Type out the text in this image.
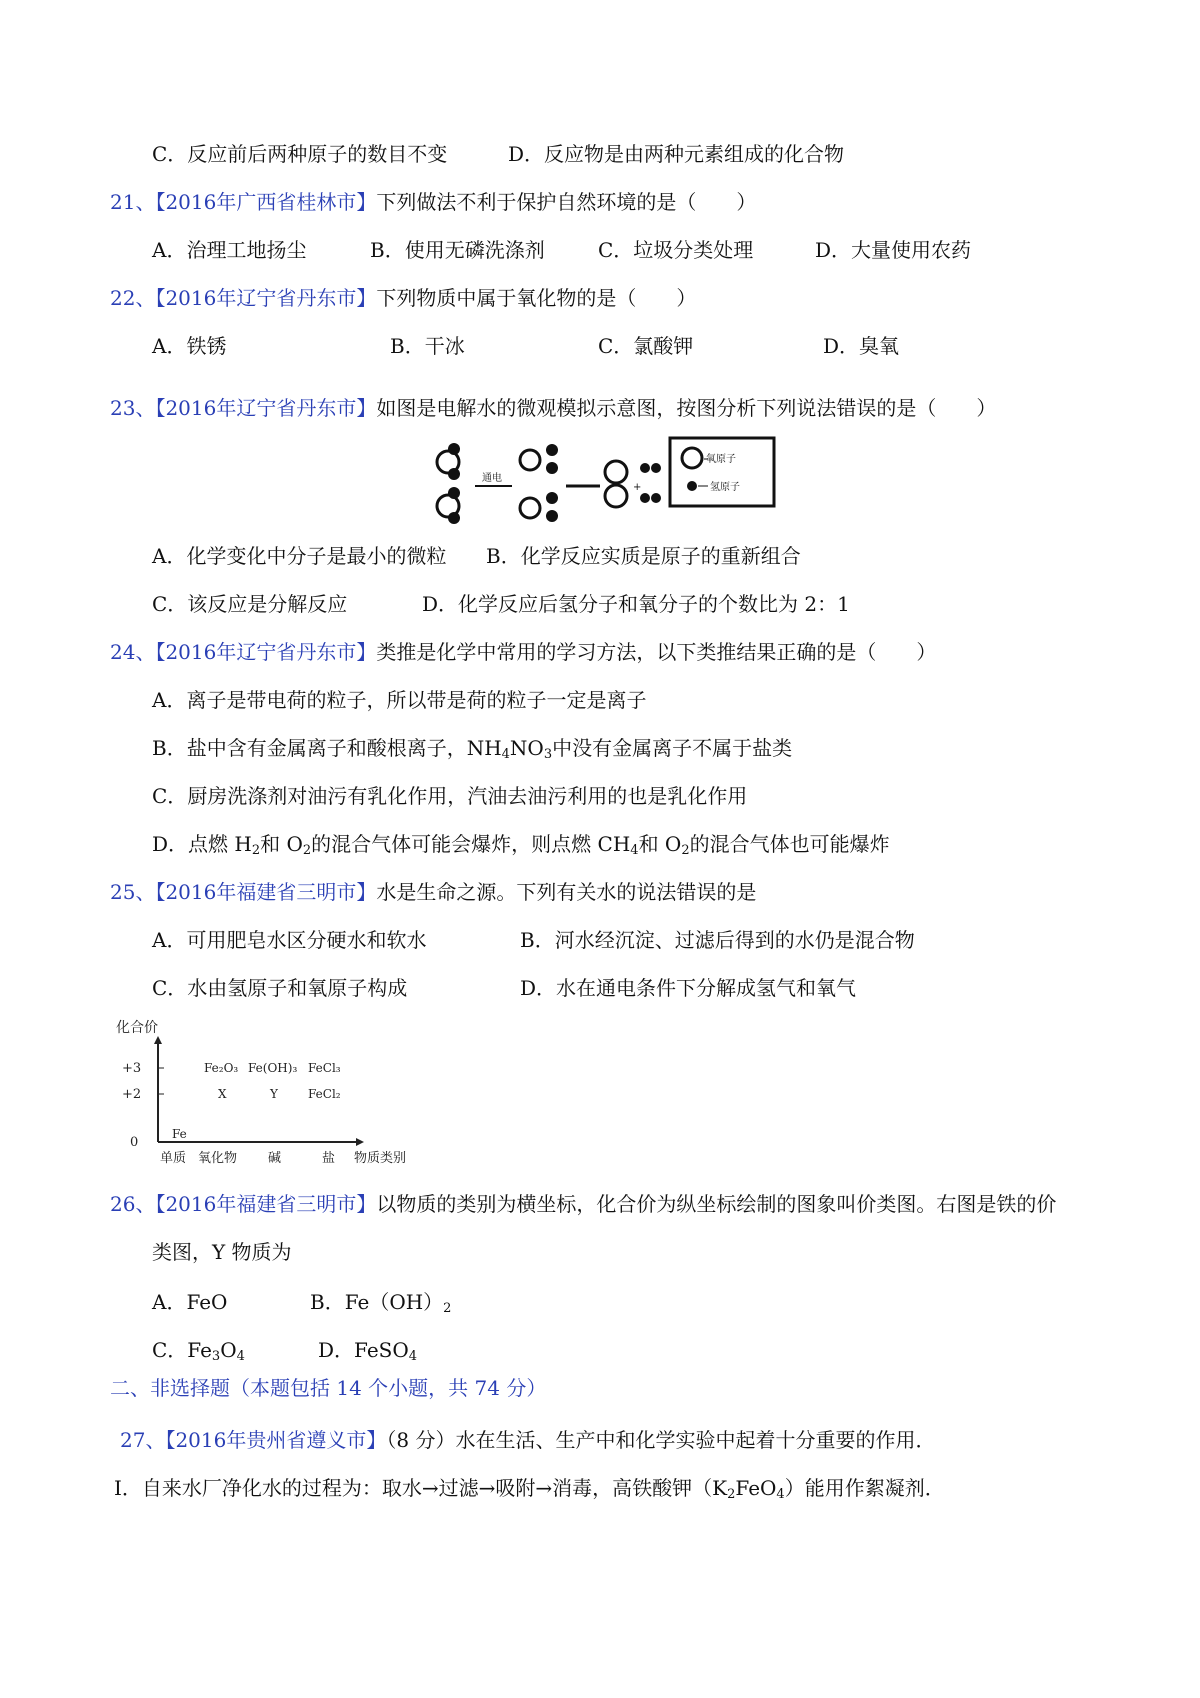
C．反应前后两种原子的数目不变	D．反应物是由两种元素组成的化合物
21、【2016年广西省桂林市】下列做法不利于保护自然环境的是（　　）
A．治理工地扬尘	B．使用无磷洗涤剂	C．垃圾分类处理	D．大量使用农药
22、【2016年辽宁省丹东市】下列物质中属于氧化物的是（　　）
A．铁锈	B．干冰	C．氯酸钾	D．臭氧
23、【2016年辽宁省丹东市】如图是电解水的微观模拟示意图，按图分析下列说法错误的是（　　）
通电
+
氧原子
氢原子
A．化学变化中分子是最小的微粒 B．化学反应实质是原子的重新组合
C．该反应是分解反应	D．化学反应后氢分子和氧分子的个数比为 2：1
24、【2016年辽宁省丹东市】类推是化学中常用的学习方法，以下类推结果正确的是（　　）
A．离子是带电荷的粒子，所以带是荷的粒子一定是离子
B．盐中含有金属离子和酸根离子，$NH_4NO_3$中没有金属离子不属于盐类
C．厨房洗涤剂对油污有乳化作用，汽油去油污利用的也是乳化作用
D．点燃 $H_2$和 $O_2$的混合气体可能会爆炸，则点燃 $CH_4$和 $O_2$的混合气体也可能爆炸
25、【2016年福建省三明市】水是生命之源。下列有关水的说法错误的是
A．可用肥皂水区分硬水和软水	B．河水经沉淀、过滤后得到的水仍是混合物
C．水由氢原子和氧原子构成	D．水在通电条件下分解成氢气和氧气
化合价
+3
+2
0
Fe₂O₃ Fe(OH)₃ FeCl₃
X	Y	FeCl₂
Fe
单质 氧化物 碱	盐 物质类别
26、【2016年福建省三明市】以物质的类别为横坐标，化合价为纵坐标绘制的图象叫价类图。右图是铁的价
类图，Y 物质为
A．FeO	B．$Fe(OH)_2$
C．$Fe_3O_4$	D．FeSO$_4$
二、非选择题（本题包括 14 个小题，共 74 分）
27、【2016年贵州省遵义市】（8 分）水在生活、生产中和化学实验中起着十分重要的作用．
Ⅰ．自来水厂净化水的过程为：取水→过滤→吸附→消毒，高铁酸钾$(K_2FeO_4)$能用作絮凝剂．
